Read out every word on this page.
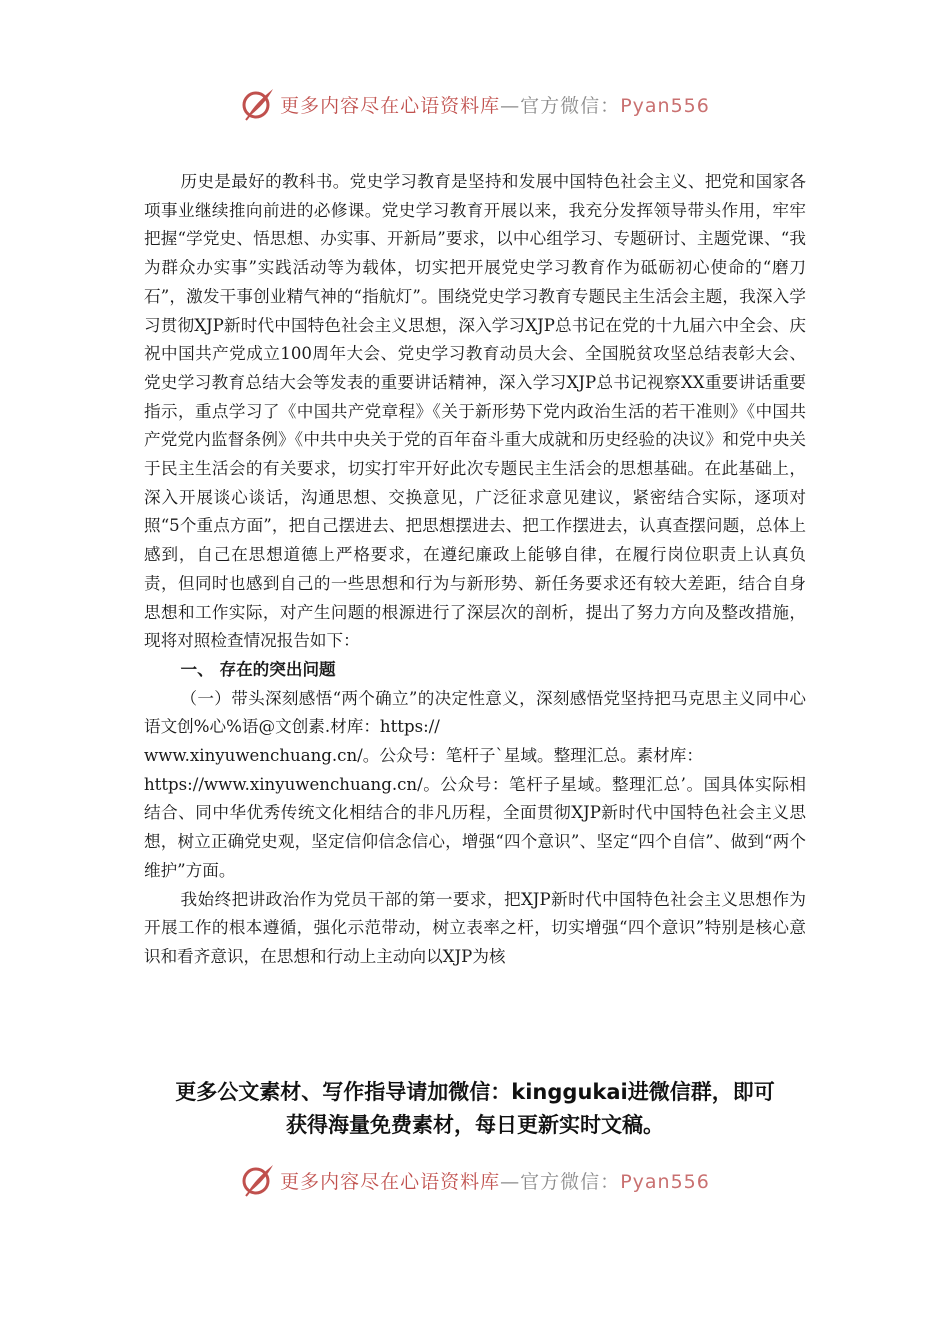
更多内容尽在心语资料库—官方微信：Pyan556

历史是最好的教科书。党史学习教育是坚持和发展中国特色社会主义、把党和国家各项事业继续推向前进的必修课。党史学习教育开展以来，我充分发挥领导带头作用，牢牢把握“学党史、悟思想、办实事、开新局”要求，以中心组学习、专题研讨、主题党课、“我为群众办实事”实践活动等为载体，切实把开展党史学习教育作为砥砺初心使命的“磨刀石”，激发干事创业精气神的“指航灯”。围绕党史学习教育专题民主生活会主题，我深入学习贯彻XJP新时代中国特色社会主义思想，深入学习XJP总书记在党的十九届六中全会、庆祝中国共产党成立100周年大会、党史学习教育动员大会、全国脱贫攻坚总结表彰大会、党史学习教育总结大会等发表的重要讲话精神，深入学习XJP总书记视察XX重要讲话重要指示，重点学习了《中国共产党章程》《关于新形势下党内政治生活的若干准则》《中国共产党党内监督条例》《中共中央关于党的百年奋斗重大成就和历史经验的决议》和党中央关于民主生活会的有关要求，切实打牢开好此次专题民主生活会的思想基础。在此基础上，深入开展谈心谈话，沟通思想、交换意见，广泛征求意见建议，紧密结合实际，逐项对照“5个重点方面”，把自己摆进去、把思想摆进去、把工作摆进去，认真查摆问题，总体上感到，自己在思想道德上严格要求，在遵纪廉政上能够自律，在履行岗位职责上认真负责，但同时也感到自己的一些思想和行为与新形势、新任务要求还有较大差距，结合自身思想和工作实际，对产生问题的根源进行了深层次的剖析，提出了努力方向及整改措施，现将对照检查情况报告如下：

一、 存在的突出问题

（一）带头深刻感悟“两个确立”的决定性意义，深刻感悟党坚持把马克思主义同中心语文创%心%语@文创素.材库：https://

www.xinyuwenchuang.cn/。公众号：笔杆子`星域。整理汇总。素材库：

https://www.xinyuwenchuang.cn/。公众号：笔杆子星域。整理汇总’。国具体实际相结合、同中华优秀传统文化相结合的非凡历程，全面贯彻XJP新时代中国特色社会主义思想，树立正确党史观，坚定信仰信念信心，增强“四个意识”、坚定“四个自信”、做到“两个维护”方面。

我始终把讲政治作为党员干部的第一要求，把XJP新时代中国特色社会主义思想作为开展工作的根本遵循，强化示范带动，树立表率之杆，切实增强“四个意识”特别是核心意识和看齐意识，在思想和行动上主动向以XJP为核

更多公文素材、写作指导请加微信：kinggukai进微信群，即可
获得海量免费素材，每日更新实时文稿。
更多内容尽在心语资料库—官方微信：Pyan556
